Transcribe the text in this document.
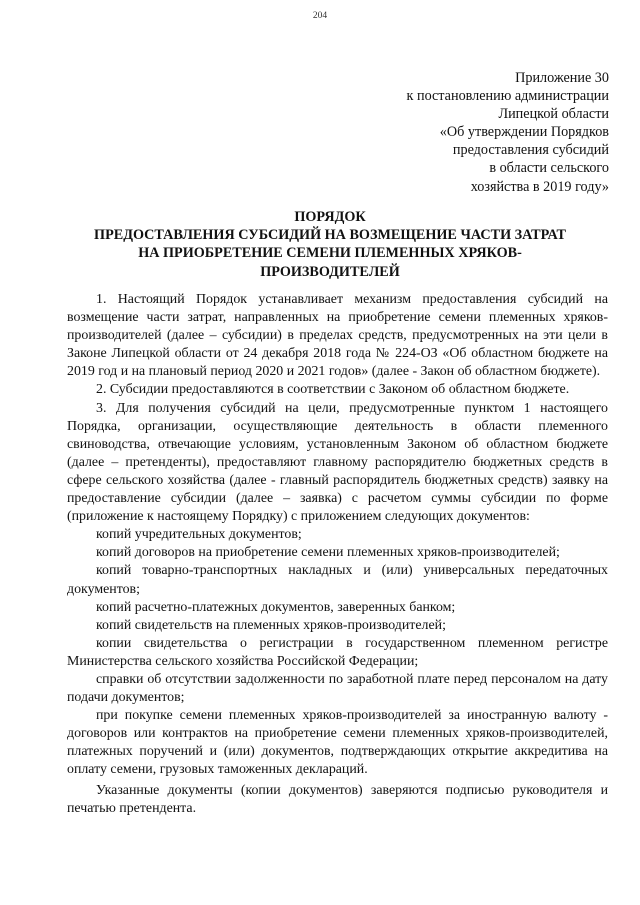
204
Приложение 30
к постановлению администрации
Липецкой области
«Об утверждении Порядков
предоставления субсидий
в области сельского
хозяйства в 2019 году»
ПОРЯДОК
ПРЕДОСТАВЛЕНИЯ СУБСИДИЙ НА ВОЗМЕЩЕНИЕ ЧАСТИ ЗАТРАТ
НА ПРИОБРЕТЕНИЕ СЕМЕНИ ПЛЕМЕННЫХ ХРЯКОВ-
ПРОИЗВОДИТЕЛЕЙ

1. Настоящий Порядок устанавливает механизм предоставления субсидий на возмещение части затрат, направленных на приобретение семени племенных хряков-производителей (далее – субсидии) в пределах средств, предусмотренных на эти цели в Законе Липецкой области от 24 декабря 2018 года № 224-ОЗ «Об областном бюджете на 2019 год и на плановый период 2020 и 2021 годов» (далее - Закон об областном бюджете).

2. Субсидии предоставляются в соответствии с Законом об областном бюджете.

3. Для получения субсидий на цели, предусмотренные пунктом 1 настоящего Порядка, организации, осуществляющие деятельность в области племенного свиноводства, отвечающие условиям, установленным Законом об областном бюджете (далее – претенденты), предоставляют главному распорядителю бюджетных средств в сфере сельского хозяйства (далее - главный распорядитель бюджетных средств) заявку на предоставление субсидии (далее – заявка) с расчетом суммы субсидии по форме (приложение к настоящему Порядку) с приложением следующих документов:

копий учредительных документов;

копий договоров на приобретение семени племенных хряков-производителей;

копий товарно-транспортных накладных и (или) универсальных передаточных документов;

копий расчетно-платежных документов, заверенных банком;

копий свидетельств на племенных хряков-производителей;

копии свидетельства о регистрации в государственном племенном регистре Министерства сельского хозяйства Российской Федерации;

справки об отсутствии задолженности по заработной плате перед персоналом на дату подачи документов;

при покупке семени племенных хряков-производителей за иностранную валюту - договоров или контрактов на приобретение семени племенных хряков-производителей, платежных поручений и (или) документов, подтверждающих открытие аккредитива на оплату семени, грузовых таможенных деклараций.

Указанные документы (копии документов) заверяются подписью руководителя и печатью претендента.
